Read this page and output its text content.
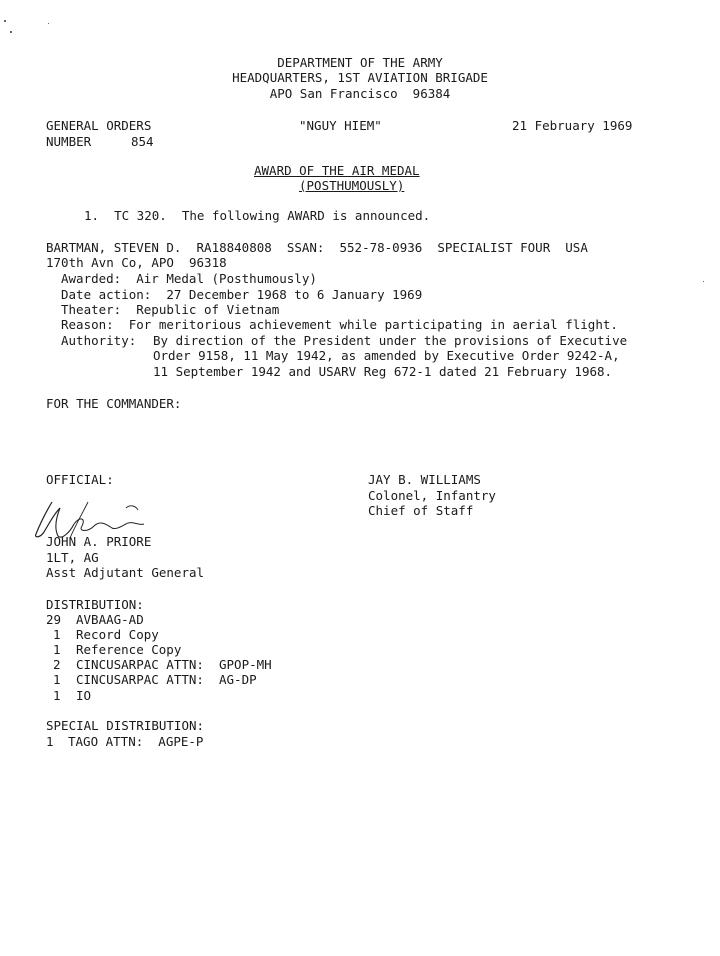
DEPARTMENT OF THE ARMY
HEADQUARTERS, 1ST AVIATION BRIGADE
APO San Francisco  96384
GENERAL ORDERS
NUMBER	854
"NGUY HIEM"	21 February 1969
AWARD OF THE AIR MEDAL
(POSTHUMOUSLY)
1.  TC 320.  The following AWARD is announced.
BARTMAN, STEVEN D.  RA18840808  SSAN:  552-78-0936  SPECIALIST FOUR  USA
170th Avn Co, APO  96318
Awarded:  Air Medal (Posthumously)
Date action:  27 December 1968 to 6 January 1969
Theater:  Republic of Vietnam
Reason:  For meritorious achievement while participating in aerial flight.
Authority: By direction of the President under the provisions of Executive
Order 9158, 11 May 1942, as amended by Executive Order 9242-A,
11 September 1942 and USARV Reg 672-1 dated 21 February 1968.
FOR THE COMMANDER:
OFFICIAL:
JOHN A. PRIORE
1LT, AG
Asst Adjutant General
JAY B. WILLIAMS
Colonel, Infantry
Chief of Staff
DISTRIBUTION:
29 AVBAAG-AD
1 Record Copy
1 Reference Copy
2 CINCUSARPAC ATTN:  GPOP-MH
1 CINCUSARPAC ATTN:  AG-DP
1 IO
SPECIAL DISTRIBUTION:
1 TAGO ATTN:  AGPE-P
